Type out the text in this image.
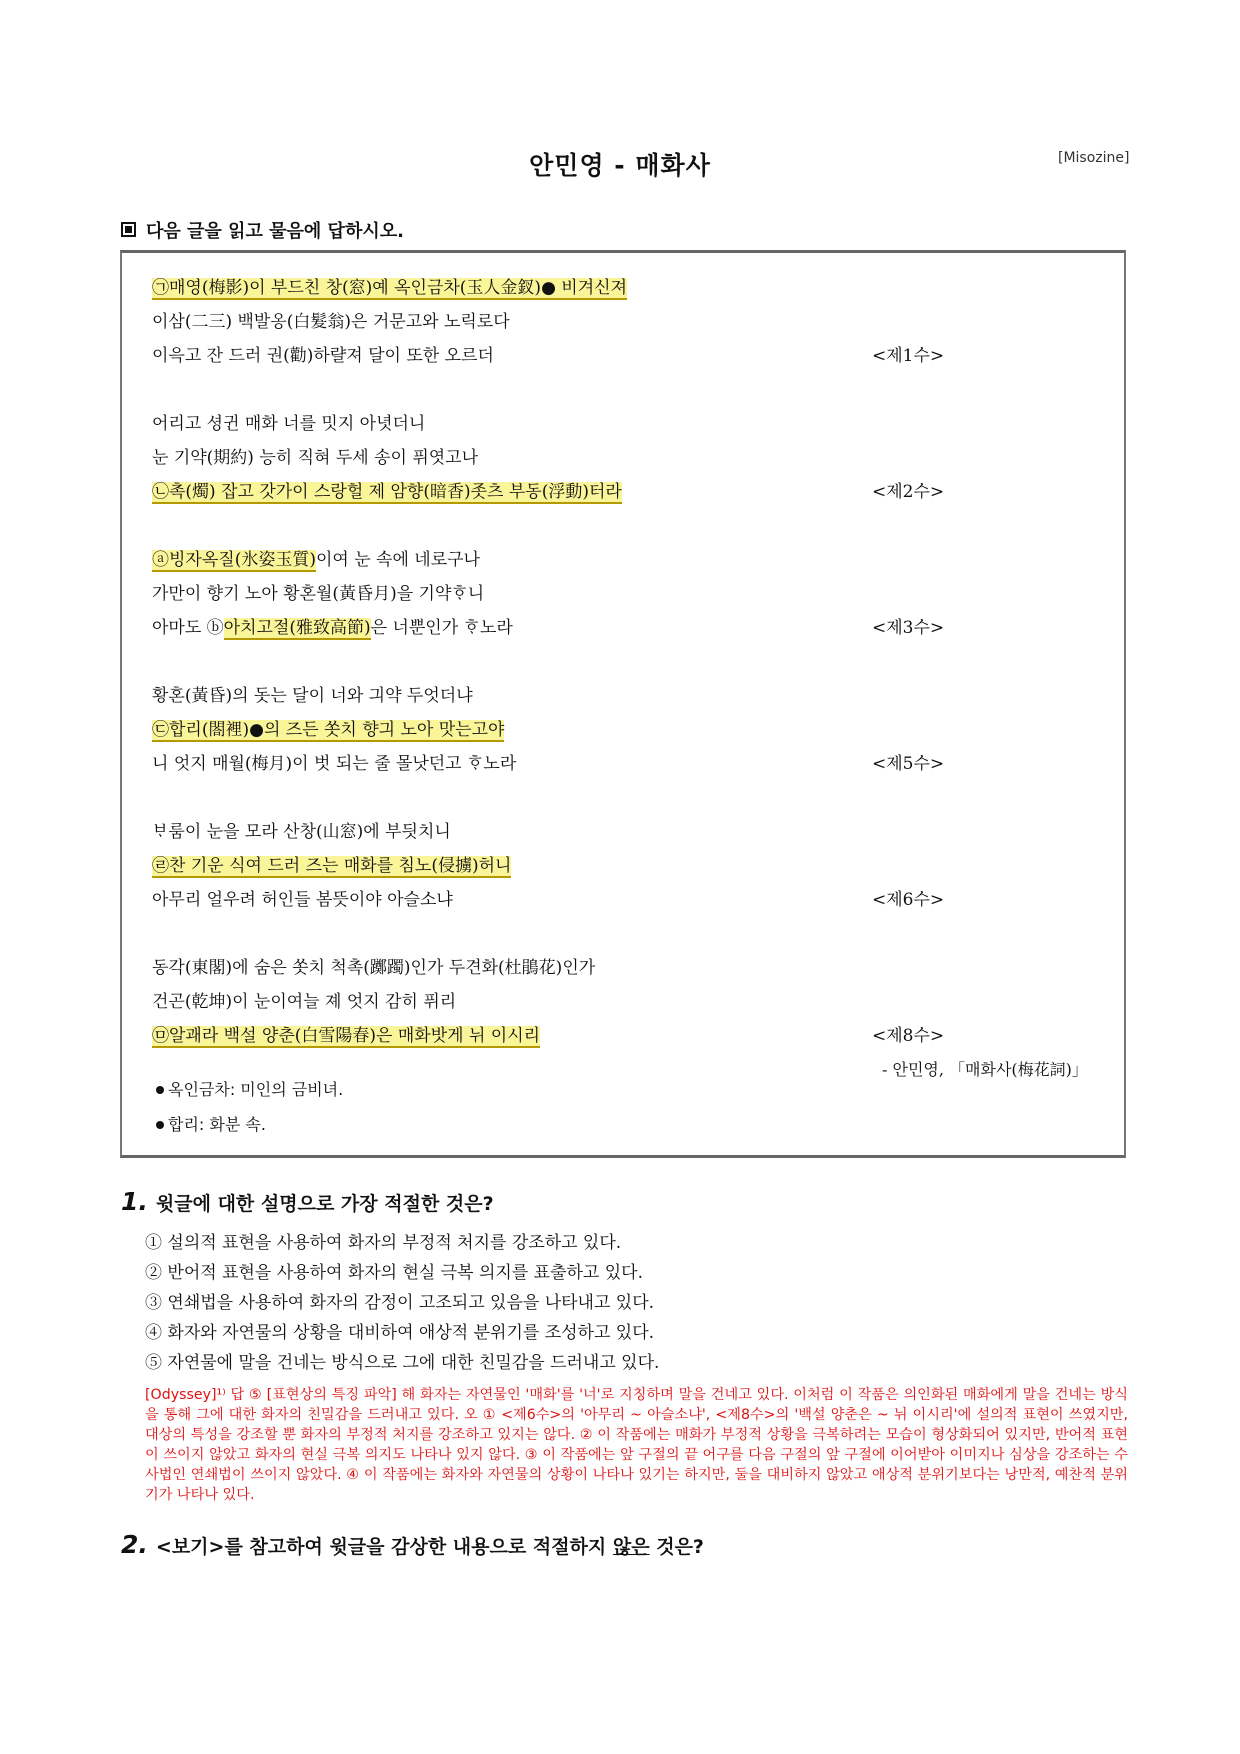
안민영 - 매화사	[Misozine]
다음 글을 읽고 물음에 답하시오.
㉠매영(梅影)이 부드친 창(窓)예 옥인금차(玉人金釵)● 비겨신져
이삼(二三) 백발옹(白髮翁)은 거문고와 노릭로다
이윽고 잔 드러 권(勸)하랼져 달이 또한 오르더	<제1수>
어리고 셩귄 매화 너를 밋지 아녓더니
눈 기약(期約) 능히 직혀 두세 송이 퓌엿고나
㉡촉(燭) 잡고 갓가이 스랑헐 제 암향(暗香)좃츠 부동(浮動)터라	<제2수>
ⓐ빙자옥질(氷姿玉質)이여 눈 속에 네로구나
가만이 향기 노아 황혼월(黃昏月)을 기약ᄒᆞ니
아마도 ⓑ아치고절(雅致高節)은 너뿐인가 ᄒᆞ노라	<제3수>
황혼(黃昏)의 돗는 달이 너와 긔약 두엇더냐
㉢합리(閤裡)●의 즈든 쏫치 향긔 노아 맛는고야
니 엇지 매월(梅月)이 벗 되는 줄 몰낫던고 ᄒᆞ노라	<제5수>
ᄇᆞ룸이 눈을 모라 산창(山窓)에 부딋치니
㉣찬 기운 식여 드러 즈는 매화를 침노(侵擄)허니
아무리 얼우려 허인들 봄뜻이야 아슬소냐	<제6수>
동각(東閣)에 숨은 쏫치 척촉(躑躅)인가 두견화(杜鵑花)인가
건곤(乾坤)이 눈이여늘 졔 엇지 감히 퓌리
㉤알괘라 백설 양춘(白雪陽春)은 매화밧게 뉘 이시리	<제8수>
- 안민영, 「매화사(梅花詞)」
옥인금차: 미인의 금비녀.
합리: 화분 속.
1. 윗글에 대한 설명으로 가장 적절한 것은?
① 설의적 표현을 사용하여 화자의 부정적 처지를 강조하고 있다.
② 반어적 표현을 사용하여 화자의 현실 극복 의지를 표출하고 있다.
③ 연쇄법을 사용하여 화자의 감정이 고조되고 있음을 나타내고 있다.
④ 화자와 자연물의 상황을 대비하여 애상적 분위기를 조성하고 있다.
⑤ 자연물에 말을 건네는 방식으로 그에 대한 친밀감을 드러내고 있다.
[Odyssey]¹⁾ 답 ⑤ [표현상의 특징 파악] 해 화자는 자연물인 '매화'를 '너'로 지칭하며 말을 건네고 있다. 이처럼 이 작품은 의인화된 매화에게 말을 건네는 방식을 통해 그에 대한 화자의 친밀감을 드러내고 있다. 오 ① <제6수>의 '아무리 ~ 아슬소냐', <제8수>의 '백설 양춘은 ~ 뉘 이시리'에 설의적 표현이 쓰였지만, 대상의 특성을 강조할 뿐 화자의 부정적 처지를 강조하고 있지는 않다. ② 이 작품에는 매화가 부정적 상황을 극복하려는 모습이 형상화되어 있지만, 반어적 표현이 쓰이지 않았고 화자의 현실 극복 의지도 나타나 있지 않다. ③ 이 작품에는 앞 구절의 끝 어구를 다음 구절의 앞 구절에 이어받아 이미지나 심상을 강조하는 수사법인 연쇄법이 쓰이지 않았다. ④ 이 작품에는 화자와 자연물의 상황이 나타나 있기는 하지만, 둘을 대비하지 않았고 애상적 분위기보다는 낭만적, 예찬적 분위기가 나타나 있다.
2. <보기>를 참고하여 윗글을 감상한 내용으로 적절하지 않은 것은?
